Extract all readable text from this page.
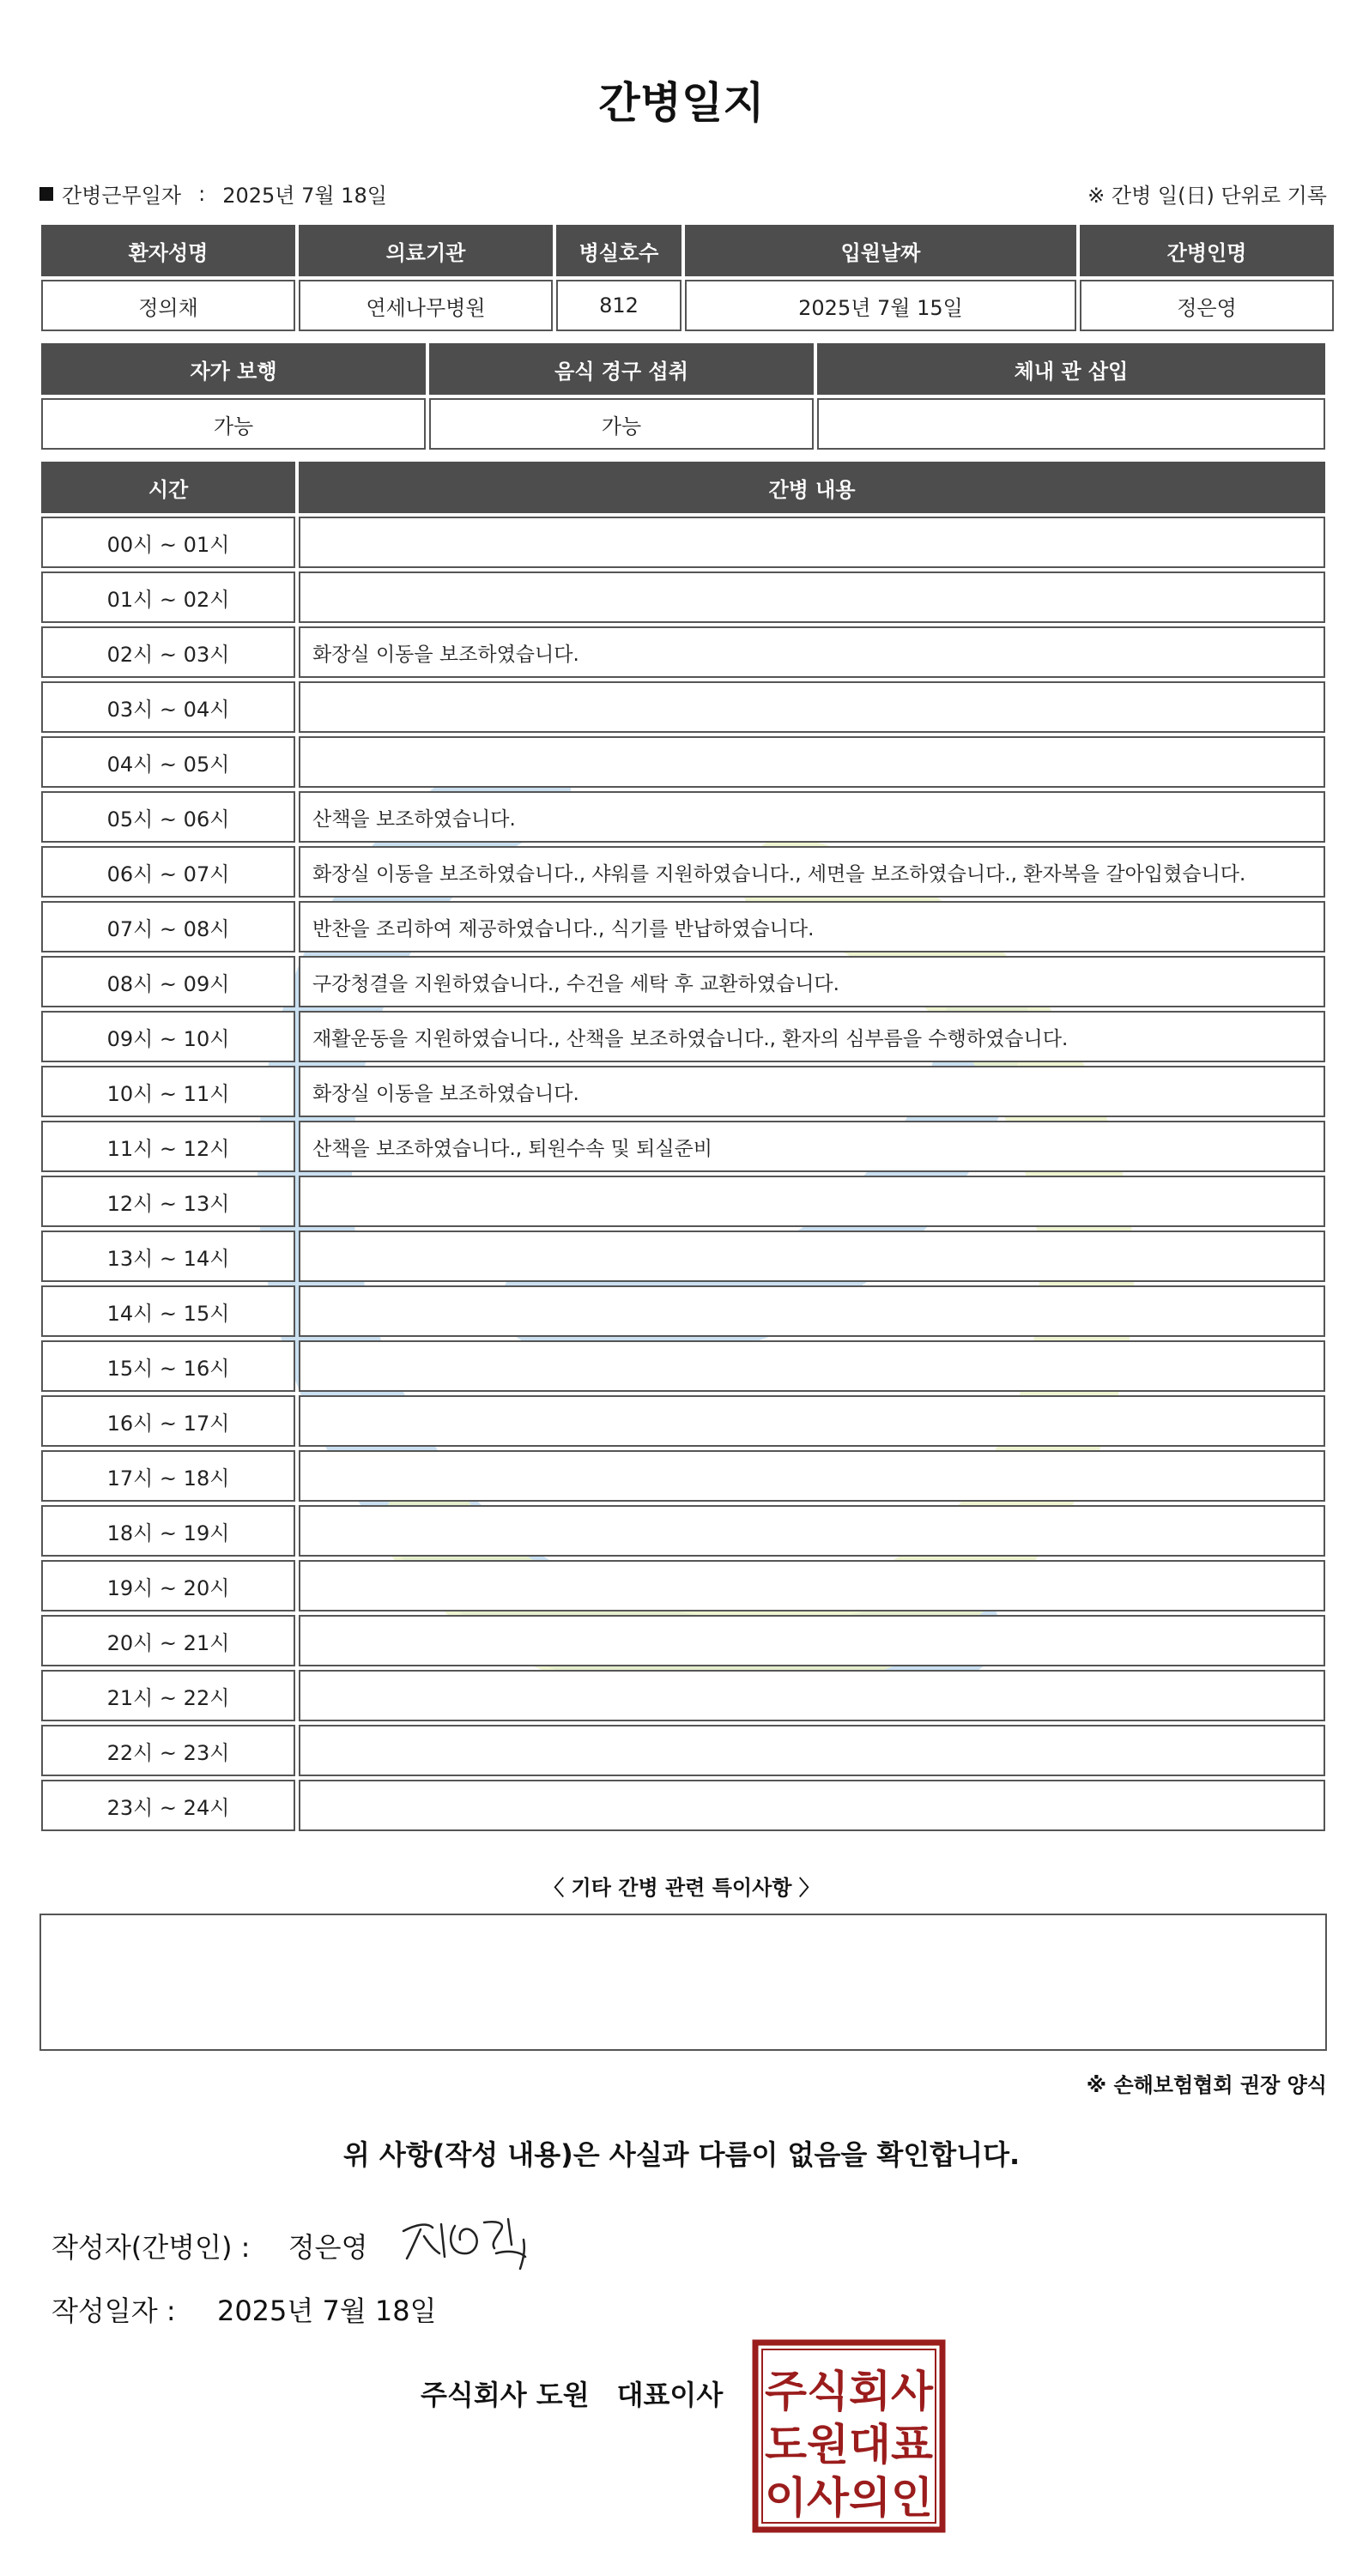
간병일지
간병근무일자 : 2025년 7월 18일	※ 간병 일(日) 단위로 기록
환자성명	의료기관	병실호수	입원날짜	간병인명
정의채	연세나무병원	812	2025년 7월 15일	정은영
자가 보행	음식 경구 섭취	체내 관 삽입
가능	가능	
시간	간병 내용
00시 ~ 01시	
01시 ~ 02시	
02시 ~ 03시	화장실 이동을 보조하였습니다.
03시 ~ 04시	
04시 ~ 05시	
05시 ~ 06시	산책을 보조하였습니다.
06시 ~ 07시	화장실 이동을 보조하였습니다., 샤워를 지원하였습니다., 세면을 보조하였습니다., 환자복을 갈아입혔습니다.
07시 ~ 08시	반찬을 조리하여 제공하였습니다., 식기를 반납하였습니다.
08시 ~ 09시	구강청결을 지원하였습니다., 수건을 세탁 후 교환하였습니다.
09시 ~ 10시	재활운동을 지원하였습니다., 산책을 보조하였습니다., 환자의 심부름을 수행하였습니다.
10시 ~ 11시	화장실 이동을 보조하였습니다.
11시 ~ 12시	산책을 보조하였습니다., 퇴원수속 및 퇴실준비
12시 ~ 13시	
13시 ~ 14시	
14시 ~ 15시	
15시 ~ 16시	
16시 ~ 17시	
17시 ~ 18시	
18시 ~ 19시	
19시 ~ 20시	
20시 ~ 21시	
21시 ~ 22시	
22시 ~ 23시	
23시 ~ 24시	
〈 기타 간병 관련 특이사항 〉
※ 손해보험협회 권장 양식
위 사항(작성 내용)은 사실과 다름이 없음을 확인합니다.
작성자(간병인) : 정은영
작성일자 : 2025년 7월 18일
주식회사 도원　대표이사 주식회사
도원대표
이사의인
